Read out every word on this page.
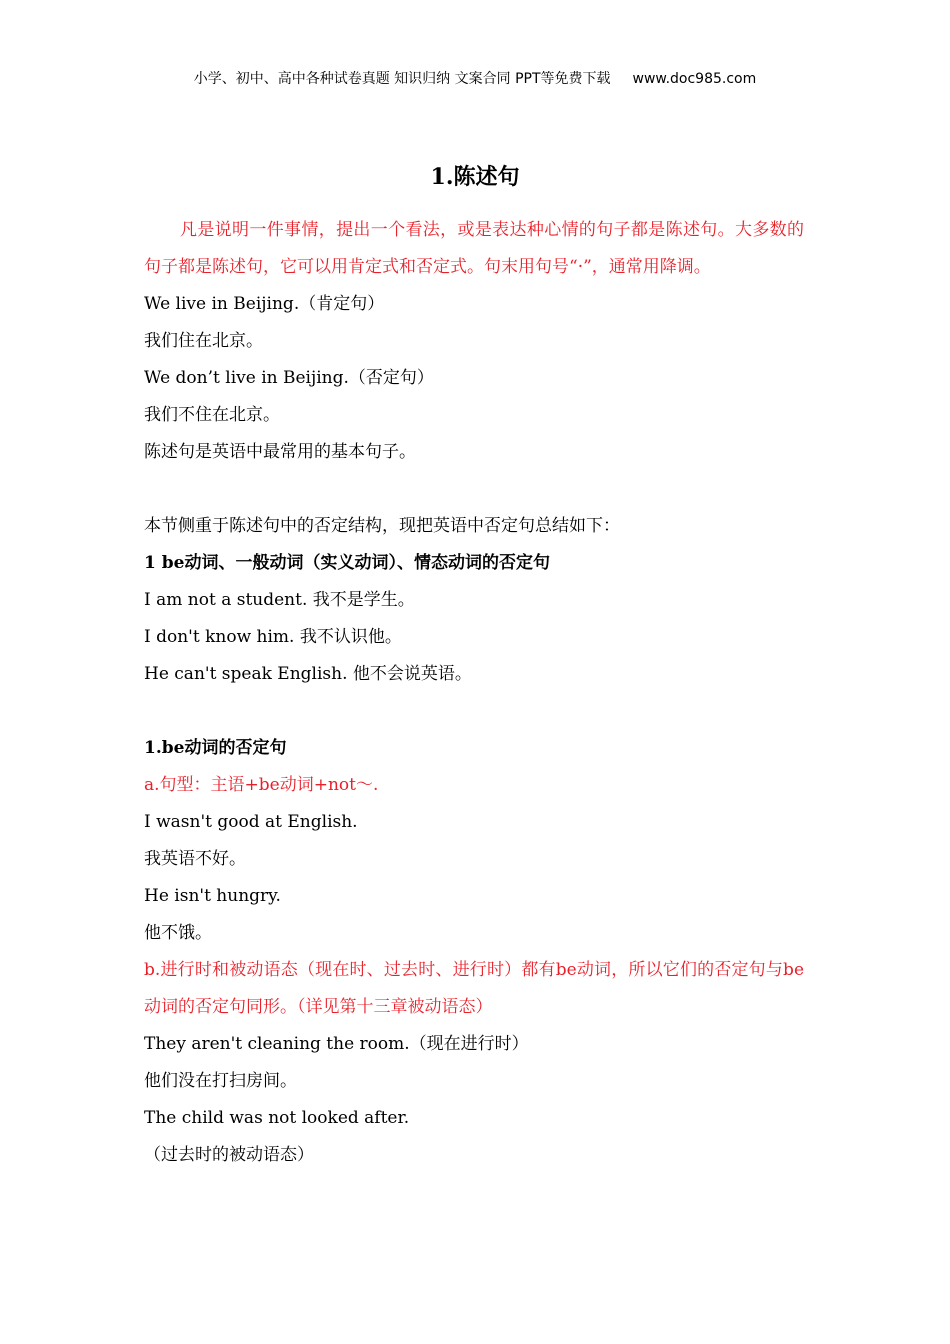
小学、初中、高中各种试卷真题 知识归纳 文案合同 PPT等免费下载 www.doc985.com
1.陈述句
凡是说明一件事情，提出一个看法，或是表达种心情的句子都是陈述句。大多数的句子都是陈述句，它可以用肯定式和否定式。句末用句号“·”，通常用降调。
We live in Beijing.（肯定句）
我们住在北京。
We don’t live in Beijing.（否定句）
我们不住在北京。
陈述句是英语中最常用的基本句子。
本节侧重于陈述句中的否定结构，现把英语中否定句总结如下：
1 be动词、一般动词（实义动词）、情态动词的否定句
I am not a student. 我不是学生。
I don't know him. 我不认识他。
He can't speak English. 他不会说英语。
1.be动词的否定句
a.句型：主语+be动词+not～.
I wasn't good at English.
我英语不好。
He isn't hungry.
他不饿。
b.进行时和被动语态（现在时、过去时、进行时）都有be动词，所以它们的否定句与be动词的否定句同形。（详见第十三章被动语态）
They aren't cleaning the room.（现在进行时）
他们没在打扫房间。
The child was not looked after.
（过去时的被动语态）
